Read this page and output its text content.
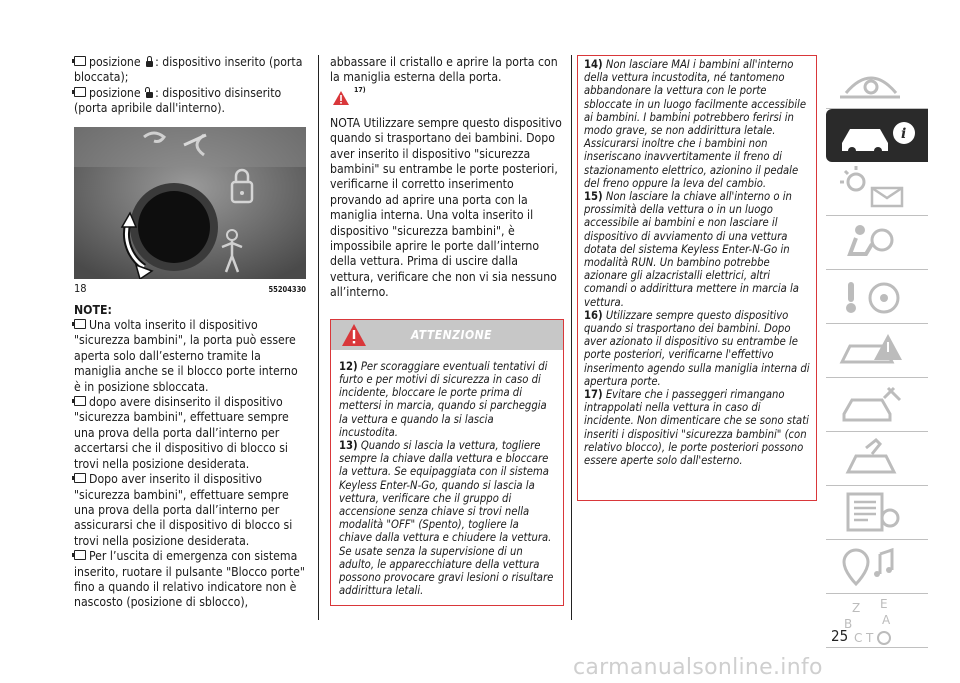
posizione : dispositivo inserito (porta bloccata);

posizione : dispositivo disinserito (porta apribile dall'interno).

18	55204330

NOTE:

Una volta inserito il dispositivo "sicurezza bambini", la porta può essere aperta solo dall’esterno tramite la maniglia anche se il blocco porte interno è in posizione sbloccata.

dopo avere disinserito il dispositivo "sicurezza bambini", effettuare sempre una prova della porta dall’interno per accertarsi che il dispositivo di blocco si trovi nella posizione desiderata.

Dopo aver inserito il dispositivo "sicurezza bambini", effettuare sempre una prova della porta dall’interno per assicurarsi che il dispositivo di blocco si trovi nella posizione desiderata.

Per l’uscita di emergenza con sistema inserito, ruotare il pulsante "Blocco porte" fino a quando il relativo indicatore non è nascosto (posizione di sblocco),

abbassare il cristallo e aprire la porta con la maniglia esterna della porta.

$^{17)}$

NOTA Utilizzare sempre questo dispositivo quando si trasportano dei bambini. Dopo aver inserito il dispositivo "sicurezza bambini" su entrambe le porte posteriori, verificarne il corretto inserimento provando ad aprire una porta con la maniglia interna. Una volta inserito il dispositivo "sicurezza bambini", è impossibile aprire le porte dall’interno della vettura. Prima di uscire dalla vettura, verificare che non vi sia nessuno all’interno.

ATTENZIONE

12) Per scoraggiare eventuali tentativi di furto e per motivi di sicurezza in caso di incidente, bloccare le porte prima di mettersi in marcia, quando si parcheggia la vettura e quando la si lascia incustodita.

13) Quando si lascia la vettura, togliere sempre la chiave dalla vettura e bloccare la vettura. Se equipaggiata con il sistema Keyless Enter-N-Go, quando si lascia la vettura, verificare che il gruppo di accensione senza chiave si trovi nella modalità "OFF" (Spento), togliere la chiave dalla vettura e chiudere la vettura. Se usate senza la supervisione di un adulto, le apparecchiature della vettura possono provocare gravi lesioni o risultare addirittura letali.

14) Non lasciare MAI i bambini all'interno della vettura incustodita, né tantomeno abbandonare la vettura con le porte sbloccate in un luogo facilmente accessibile ai bambini. I bambini potrebbero ferirsi in modo grave, se non addirittura letale. Assicurarsi inoltre che i bambini non inseriscano inavvertitamente il freno di stazionamento elettrico, azionino il pedale del freno oppure la leva del cambio.

15) Non lasciare la chiave all'interno o in prossimità della vettura o in un luogo accessibile ai bambini e non lasciare il dispositivo di avviamento di una vettura dotata del sistema Keyless Enter-N-Go in modalità RUN. Un bambino potrebbe azionare gli alzacristalli elettrici, altri comandi o addirittura mettere in marcia la vettura.

16) Utilizzare sempre questo dispositivo quando si trasportano dei bambini. Dopo aver azionato il dispositivo su entrambe le porte posteriori, verificarne l'effettivo inserimento agendo sulla maniglia interna di apertura porte.

17) Evitare che i passeggeri rimangano intrappolati nella vettura in caso di incidente. Non dimenticare che se sono stati inseriti i dispositivi "sicurezza bambini" (con relativo blocco), le porte posteriori possono essere aperte solo dall'esterno.

i
Z E
B A
C T
25
carmanualsonline.info
